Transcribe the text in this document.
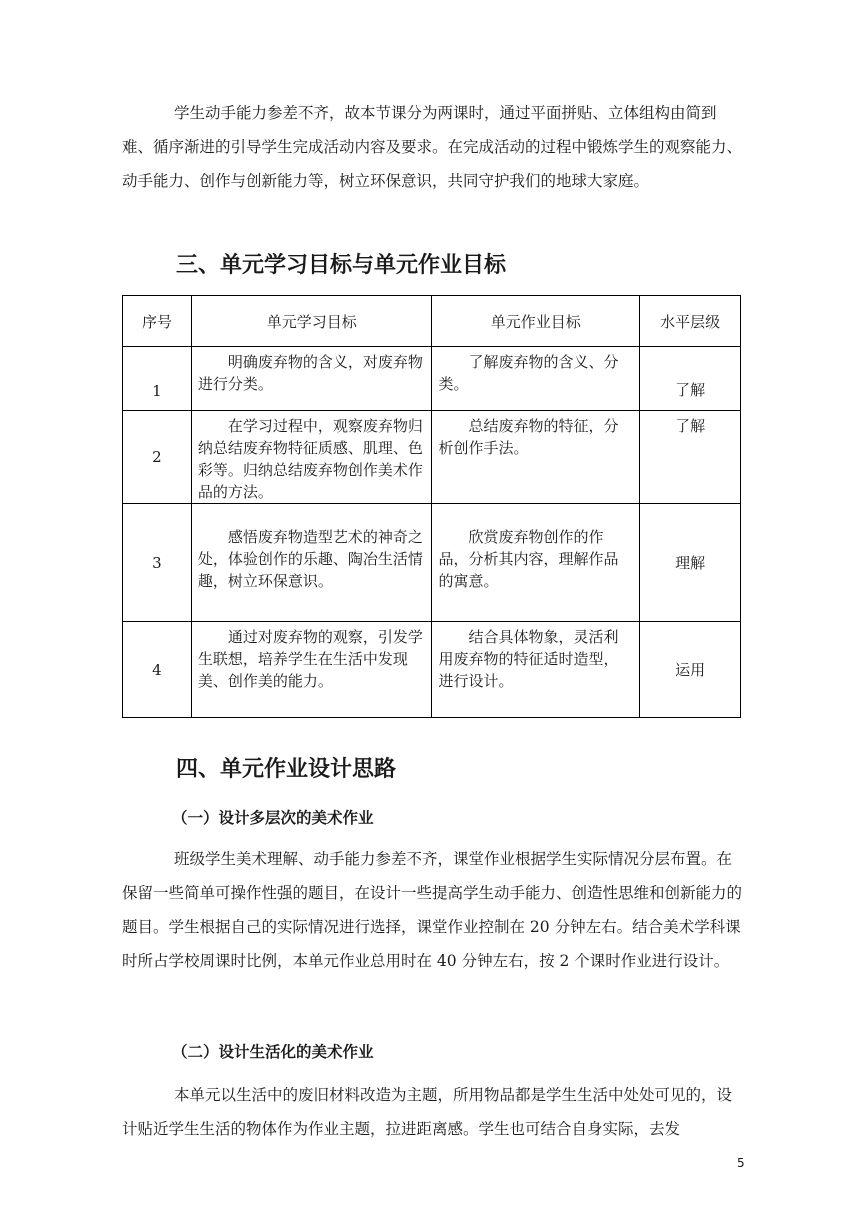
学生动手能力参差不齐，故本节课分为两课时，通过平面拼贴、立体组构由简到难、循序渐进的引导学生完成活动内容及要求。在完成活动的过程中锻炼学生的观察能力、动手能力、创作与创新能力等，树立环保意识，共同守护我们的地球大家庭。

三、单元学习目标与单元作业目标
序号	单元学习目标	单元作业目标	水平层级
1	明确废弃物的含义，对废弃物进行分类。	了解废弃物的含义、分类。	了解
2	在学习过程中，观察废弃物归纳总结废弃物特征质感、肌理、色彩等。归纳总结废弃物创作美术作品的方法。	总结废弃物的特征，分析创作手法。	了解
3	感悟废弃物造型艺术的神奇之处，体验创作的乐趣、陶冶生活情趣，树立环保意识。	欣赏废弃物创作的作品，分析其内容，理解作品的寓意。	理解
4	通过对废弃物的观察，引发学生联想，培养学生在生活中发现美、创作美的能力。	结合具体物象，灵活利用废弃物的特征适时造型，进行设计。	运用
四、单元作业设计思路
（一）设计多层次的美术作业

班级学生美术理解、动手能力参差不齐，课堂作业根据学生实际情况分层布置。在保留一些简单可操作性强的题目，在设计一些提高学生动手能力、创造性思维和创新能力的题目。学生根据自己的实际情况进行选择，课堂作业控制在 20 分钟左右。结合美术学科课时所占学校周课时比例，本单元作业总用时在 40 分钟左右，按 2 个课时作业进行设计。

（二）设计生活化的美术作业

本单元以生活中的废旧材料改造为主题，所用物品都是学生生活中处处可见的，设计贴近学生生活的物体作为作业主题，拉进距离感。学生也可结合自身实际，去发

5
